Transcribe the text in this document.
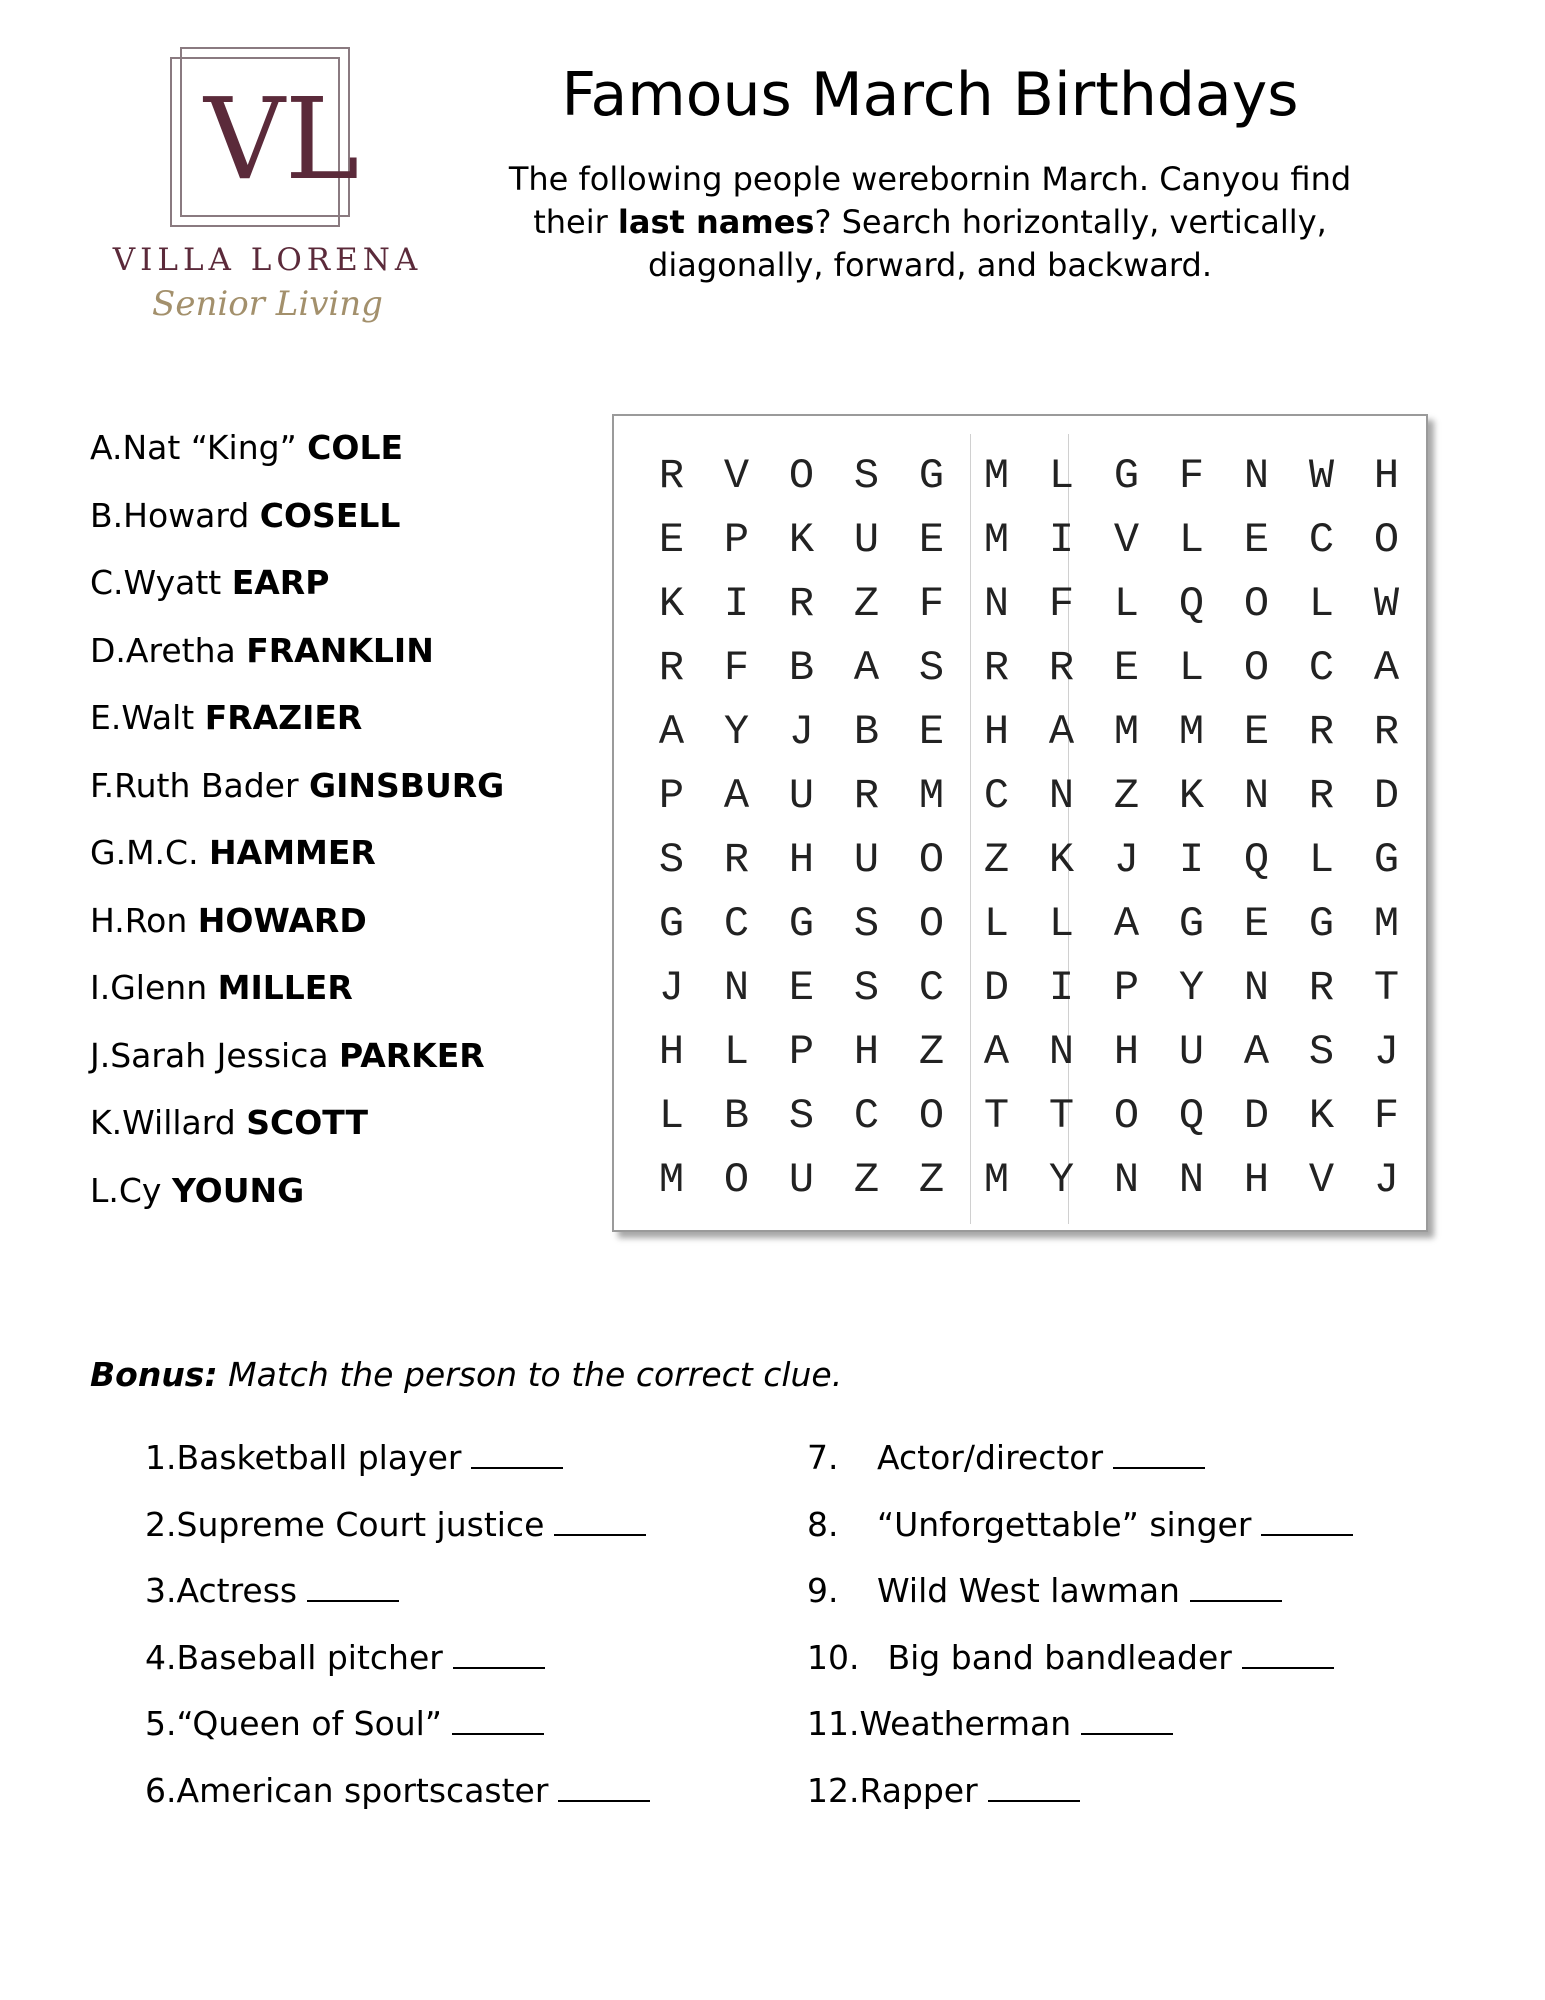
VL
VILLA LORENA
Senior Living
Famous March Birthdays
The following people werebornin March. Canyou find
their last names? Search horizontally, vertically,
diagonally, forward, and backward.
A.Nat “King” COLE
B.Howard COSELL
C.Wyatt EARP
D.Aretha FRANKLIN
E.Walt FRAZIER
F.Ruth Bader GINSBURG
G.M.C. HAMMER
H.Ron HOWARD
I.Glenn MILLER
J.Sarah Jessica PARKER
K.Willard SCOTT
L.Cy YOUNG
R V O S G M L G F N W H
E P K U E M I V L E C O
K I R Z F N F L Q O L W
R F B A S R R E L O C A
A Y J B E H A M M E R R
P A U R M C N Z K N R D
S R H U O Z K J I Q L G
G C G S O L L A G E G M
J N E S C D I P Y N R T
H L P H Z A N H U A S J
L B S C O T T O Q D K F
M O U Z Z M Y N N H V J
Bonus: Match the person to the correct clue.
1.Basketball player
2.Supreme Court justice
3.Actress
4.Baseball pitcher
5.“Queen of Soul”
6.American sportscaster
7. Actor/director
8. “Unforgettable” singer
9. Wild West lawman
10. Big band bandleader
11.Weatherman
12.Rapper
